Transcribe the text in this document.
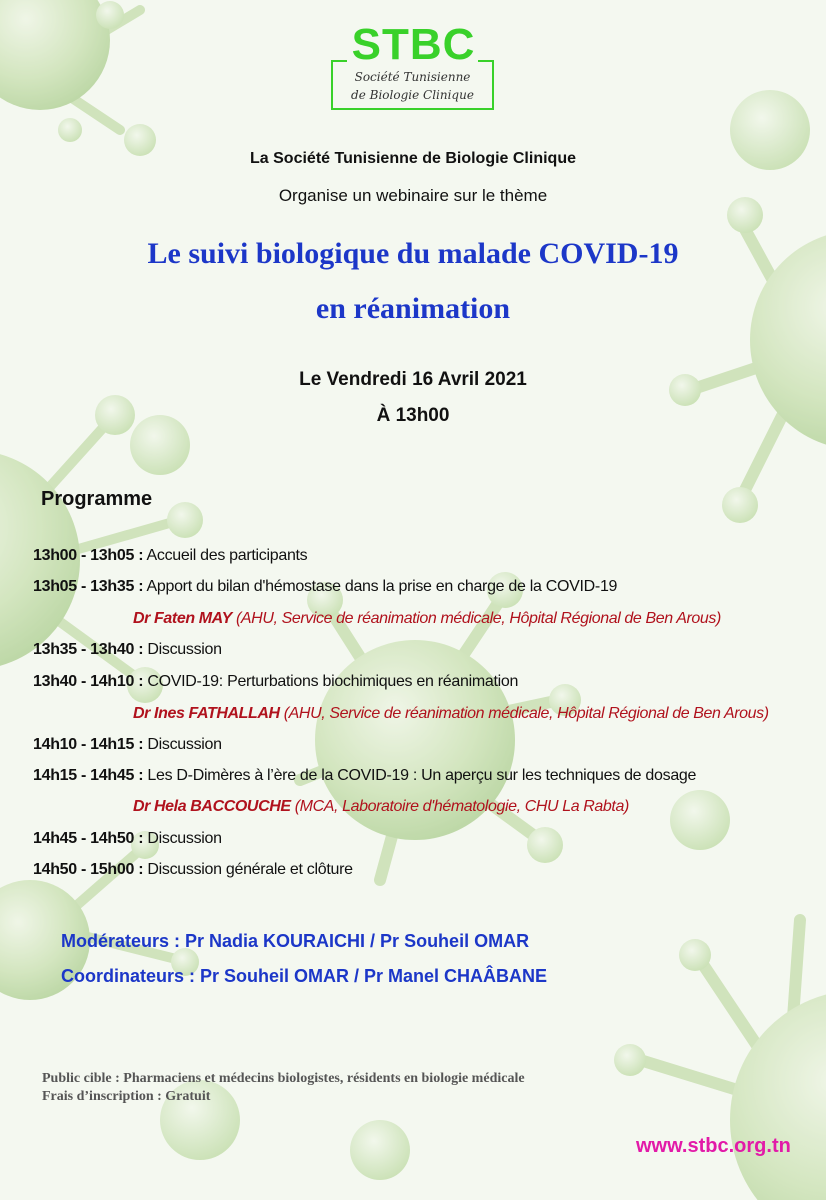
STBC
Société Tunisienne
de Biologie Clinique
La Société Tunisienne de Biologie Clinique
Organise un webinaire sur le thème
Le suivi biologique du malade COVID-19
en réanimation
Le Vendredi 16 Avril 2021
À 13h00
Programme
13h00 - 13h05 : Accueil des participants
13h05 - 13h35 : Apport du bilan d'hémostase dans la prise en charge de la COVID-19
Dr Faten MAY (AHU, Service de réanimation médicale, Hôpital Régional de Ben Arous)
13h35 - 13h40 : Discussion
13h40 - 14h10 : COVID-19: Perturbations biochimiques en réanimation
Dr Ines FATHALLAH (AHU, Service de réanimation médicale, Hôpital Régional de Ben Arous)
14h10 - 14h15 : Discussion
14h15 - 14h45 : Les D-Dimères à l’ère de la COVID-19 : Un aperçu sur les techniques de dosage
Dr Hela BACCOUCHE (MCA, Laboratoire d'hématologie, CHU La Rabta)
14h45 - 14h50 : Discussion
14h50 - 15h00 : Discussion générale et clôture
Modérateurs : Pr Nadia KOURAICHI / Pr Souheil OMAR
Coordinateurs : Pr Souheil OMAR / Pr Manel CHAÂBANE
Public cible : Pharmaciens et médecins biologistes, résidents en biologie médicale
Frais d’inscription : Gratuit
www.stbc.org.tn
